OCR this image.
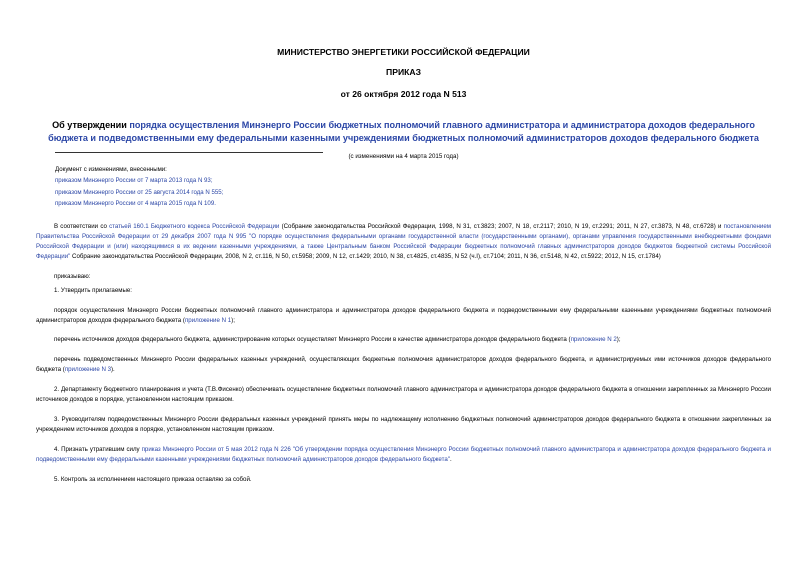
МИНИСТЕРСТВО ЭНЕРГЕТИКИ РОССИЙСКОЙ ФЕДЕРАЦИИ
ПРИКАЗ
от 26 октября 2012 года N 513
Об утверждении порядка осуществления Минэнерго России бюджетных полномочий главного администратора и администратора доходов федерального бюджета и подведомственными ему федеральными казенными учреждениями бюджетных полномочий администраторов доходов федерального бюджета
(с изменениями на 4 марта 2015 года)
Документ с изменениями, внесенными:
приказом Минэнерго России от 7 марта 2013 года N 93;
приказом Минэнерго России от 25 августа 2014 года N 555;
приказом Минэнерго России от 4 марта 2015 года N 109.

В соответствии со статьей 160.1 Бюджетного кодекса Российской Федерации (Собрание законодательства Российской Федерации, 1998, N 31, ст.3823; 2007, N 18, ст.2117; 2010, N 19, ст.2291; 2011, N 27, ст.3873, N 48, ст.6728) и постановлением Правительства Российской Федерации от 29 декабря 2007 года N 995 "О порядке осуществления федеральными органами государственной власти (государственными органами), органами управления государственными внебюджетными фондами Российской Федерации и (или) находящимися в их ведении казенными учреждениями, а также Центральным банком Российской Федерации бюджетных полномочий главных администраторов доходов бюджетов бюджетной системы Российской Федерации" Собрание законодательства Российской Федерации, 2008, N 2, ст.116, N 50, ст.5958; 2009, N 12, ст.1429; 2010, N 38, ст.4825, ст.4835, N 52 (ч.I), ст.7104; 2011, N 36, ст.5148, N 42, ст.5922; 2012, N 15, ст.1784)

приказываю:

1. Утвердить прилагаемые:

порядок осуществления Минэнерго России бюджетных полномочий главного администратора и администратора доходов федерального бюджета и подведомственными ему федеральными казенными учреждениями бюджетных полномочий администраторов доходов федерального бюджета (приложение N 1);

перечень источников доходов федерального бюджета, администрирование которых осуществляет Минэнерго России в качестве администратора доходов федерального бюджета (приложение N 2);

перечень подведомственных Минэнерго России федеральных казенных учреждений, осуществляющих бюджетные полномочия администраторов доходов федерального бюджета, и администрируемых ими источников доходов федерального бюджета (приложение N 3).

2. Департаменту бюджетного планирования и учета (Т.В.Фисенко) обеспечивать осуществление бюджетных полномочий главного администратора и администратора доходов федерального бюджета в отношении закрепленных за Минэнерго России источников доходов в порядке, установленном настоящим приказом.

3. Руководителям подведомственных Минэнерго России федеральных казенных учреждений принять меры по надлежащему исполнению бюджетных полномочий администраторов доходов федерального бюджета в отношении закрепленных за учреждением источников доходов в порядке, установленном настоящим приказом.

4. Признать утратившим силу приказ Минэнерго России от 5 мая 2012 года N 226 "Об утверждении порядка осуществления Минэнерго России бюджетных полномочий главного администратора и администратора доходов федерального бюджета и подведомственными ему федеральными казенными учреждениями бюджетных полномочий администраторов доходов федерального бюджета".

5. Контроль за исполнением настоящего приказа оставляю за собой.
